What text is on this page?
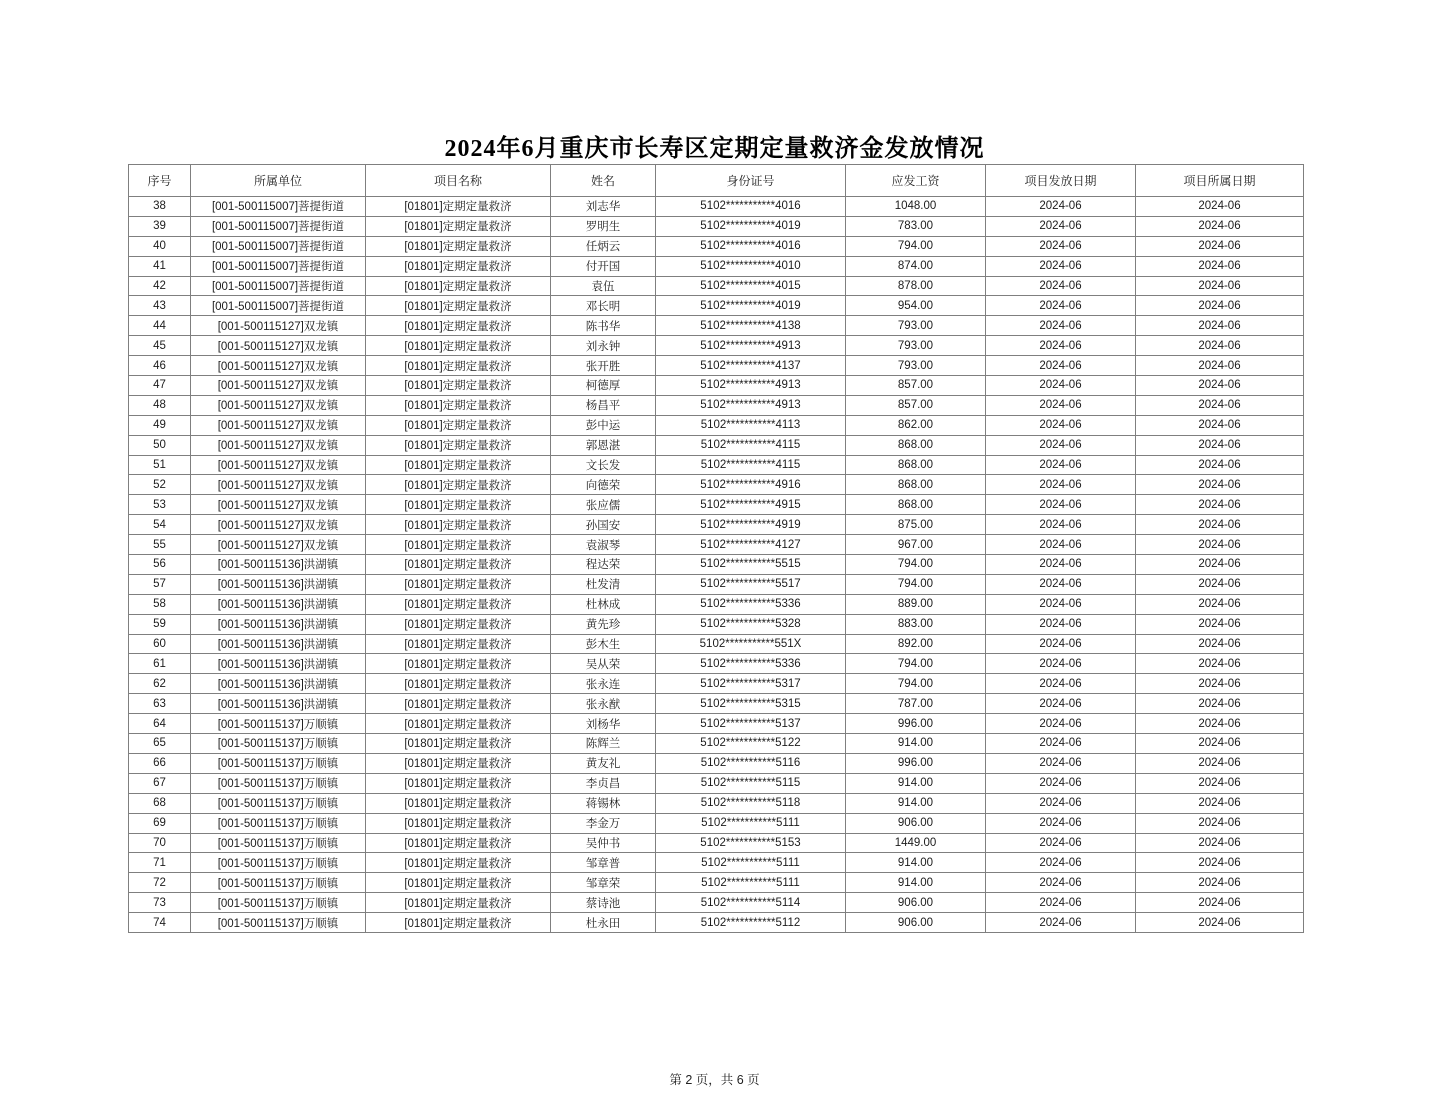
2024年6月重庆市长寿区定期定量救济金发放情况
序号	所属单位	项目名称	姓名	身份证号	应发工资	项目发放日期	项目所属日期
38	[001-500115007]菩提街道	[01801]定期定量救济	刘志华	5102***********4016	1048.00	2024-06	2024-06
39	[001-500115007]菩提街道	[01801]定期定量救济	罗明生	5102***********4019	783.00	2024-06	2024-06
40	[001-500115007]菩提街道	[01801]定期定量救济	任炳云	5102***********4016	794.00	2024-06	2024-06
41	[001-500115007]菩提街道	[01801]定期定量救济	付开国	5102***********4010	874.00	2024-06	2024-06
42	[001-500115007]菩提街道	[01801]定期定量救济	袁伍	5102***********4015	878.00	2024-06	2024-06
43	[001-500115007]菩提街道	[01801]定期定量救济	邓长明	5102***********4019	954.00	2024-06	2024-06
44	[001-500115127]双龙镇	[01801]定期定量救济	陈书华	5102***********4138	793.00	2024-06	2024-06
45	[001-500115127]双龙镇	[01801]定期定量救济	刘永钟	5102***********4913	793.00	2024-06	2024-06
46	[001-500115127]双龙镇	[01801]定期定量救济	张开胜	5102***********4137	793.00	2024-06	2024-06
47	[001-500115127]双龙镇	[01801]定期定量救济	柯德厚	5102***********4913	857.00	2024-06	2024-06
48	[001-500115127]双龙镇	[01801]定期定量救济	杨昌平	5102***********4913	857.00	2024-06	2024-06
49	[001-500115127]双龙镇	[01801]定期定量救济	彭中运	5102***********4113	862.00	2024-06	2024-06
50	[001-500115127]双龙镇	[01801]定期定量救济	郭恩湛	5102***********4115	868.00	2024-06	2024-06
51	[001-500115127]双龙镇	[01801]定期定量救济	文长发	5102***********4115	868.00	2024-06	2024-06
52	[001-500115127]双龙镇	[01801]定期定量救济	向德荣	5102***********4916	868.00	2024-06	2024-06
53	[001-500115127]双龙镇	[01801]定期定量救济	张应儒	5102***********4915	868.00	2024-06	2024-06
54	[001-500115127]双龙镇	[01801]定期定量救济	孙国安	5102***********4919	875.00	2024-06	2024-06
55	[001-500115127]双龙镇	[01801]定期定量救济	袁淑琴	5102***********4127	967.00	2024-06	2024-06
56	[001-500115136]洪湖镇	[01801]定期定量救济	程达荣	5102***********5515	794.00	2024-06	2024-06
57	[001-500115136]洪湖镇	[01801]定期定量救济	杜发清	5102***********5517	794.00	2024-06	2024-06
58	[001-500115136]洪湖镇	[01801]定期定量救济	杜林成	5102***********5336	889.00	2024-06	2024-06
59	[001-500115136]洪湖镇	[01801]定期定量救济	黄先珍	5102***********5328	883.00	2024-06	2024-06
60	[001-500115136]洪湖镇	[01801]定期定量救济	彭木生	5102***********551X	892.00	2024-06	2024-06
61	[001-500115136]洪湖镇	[01801]定期定量救济	吴从荣	5102***********5336	794.00	2024-06	2024-06
62	[001-500115136]洪湖镇	[01801]定期定量救济	张永连	5102***********5317	794.00	2024-06	2024-06
63	[001-500115136]洪湖镇	[01801]定期定量救济	张永猷	5102***********5315	787.00	2024-06	2024-06
64	[001-500115137]万顺镇	[01801]定期定量救济	刘杨华	5102***********5137	996.00	2024-06	2024-06
65	[001-500115137]万顺镇	[01801]定期定量救济	陈辉兰	5102***********5122	914.00	2024-06	2024-06
66	[001-500115137]万顺镇	[01801]定期定量救济	黄友礼	5102***********5116	996.00	2024-06	2024-06
67	[001-500115137]万顺镇	[01801]定期定量救济	李贞昌	5102***********5115	914.00	2024-06	2024-06
68	[001-500115137]万顺镇	[01801]定期定量救济	蒋锡林	5102***********5118	914.00	2024-06	2024-06
69	[001-500115137]万顺镇	[01801]定期定量救济	李金万	5102***********5111	906.00	2024-06	2024-06
70	[001-500115137]万顺镇	[01801]定期定量救济	吴仲书	5102***********5153	1449.00	2024-06	2024-06
71	[001-500115137]万顺镇	[01801]定期定量救济	邹章普	5102***********5111	914.00	2024-06	2024-06
72	[001-500115137]万顺镇	[01801]定期定量救济	邹章荣	5102***********5111	914.00	2024-06	2024-06
73	[001-500115137]万顺镇	[01801]定期定量救济	蔡诗池	5102***********5114	906.00	2024-06	2024-06
74	[001-500115137]万顺镇	[01801]定期定量救济	杜永田	5102***********5112	906.00	2024-06	2024-06
第 2 页，共 6 页
